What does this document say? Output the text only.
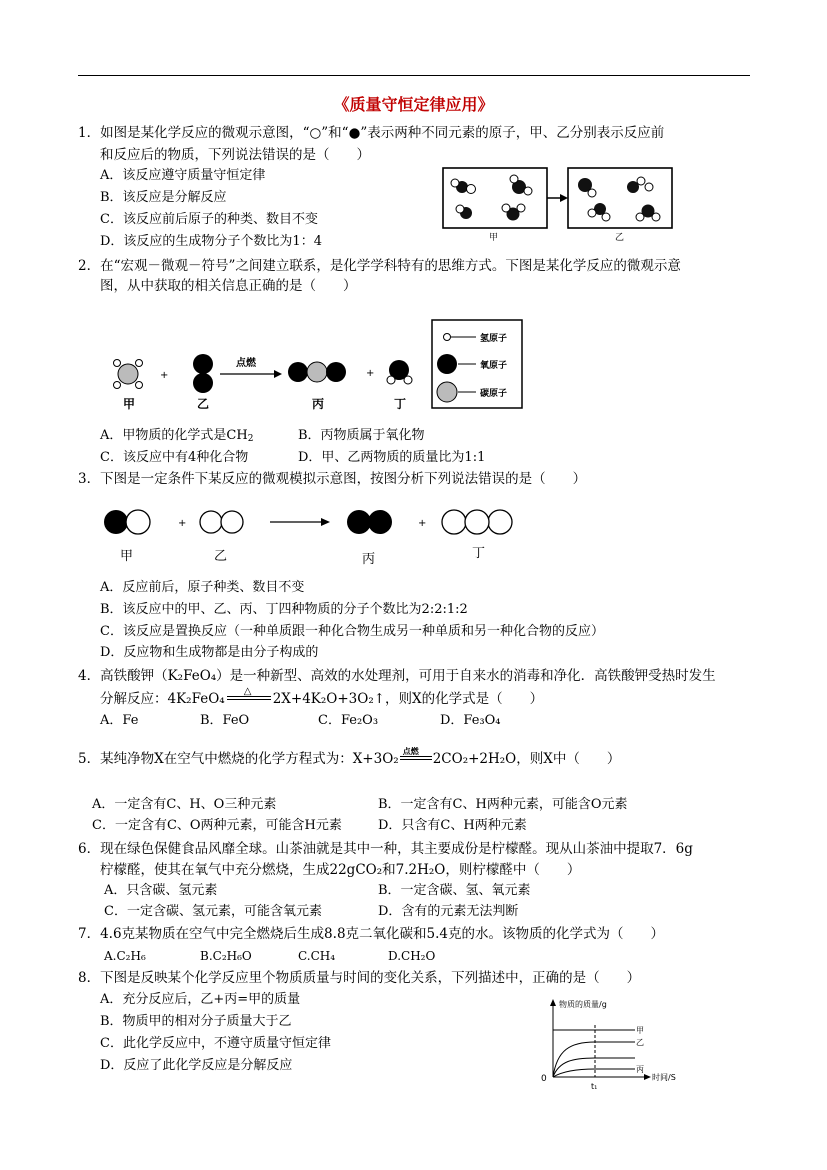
《质量守恒定律应用》
1．如图是某化学反应的微观示意图，“○”和“●”表示两种不同元素的原子，甲、乙分别表示反应前
和反应后的物质，下列说法错误的是（　　）
A．该反应遵守质量守恒定律
B．该反应是分解反应
C．该反应前后原子的种类、数目不变
D．该反应的生成物分子个数比为1：4	甲	乙
2．在“宏观－微观－符号”之间建立联系，是化学学科特有的思维方式。下图是某化学反应的微观示意
图，从中获取的相关信息正确的是（　　）
+
点燃
+
甲	乙	丙	丁
氢原子
氧原子
碳原子
A．甲物质的化学式是$CH_2$	B．丙物质属于氧化物
C．该反应中有4种化合物	D．甲、乙两物质的质量比为1:1
3．下图是一定条件下某反应的微观模拟示意图，按图分析下列说法错误的是（　　）
+	+
甲	乙	丙	丁
A．反应前后，原子种类、数目不变
B．该反应中的甲、乙、丙、丁四种物质的分子个数比为2:2:1:2
C．该反应是置换反应（一种单质跟一种化合物生成另一种单质和另一种化合物的反应）
D．反应物和生成物都是由分子构成的
4．高铁酸钾（K₂FeO₄）是一种新型、高效的水处理剂，可用于自来水的消毒和净化．高铁酸钾受热时发生
分解反应：4K₂FeO₄ △ 2X+4K₂O+3O₂↑，则X的化学式是（　　）
A．Fe	B．FeO	C．Fe₂O₃	D．Fe₃O₄
5．某纯净物X在空气中燃烧的化学方程式为：X+3O₂ 点燃 2CO₂+2H₂O，则X中（　　）
A．一定含有C、H、O三种元素	B．一定含有C、H两种元素，可能含O元素
C．一定含有C、O两种元素，可能含H元素	D．只含有C、H两种元素
6．现在绿色保健食品风靡全球。山茶油就是其中一种，其主要成份是柠檬醛。现从山茶油中提取7．6g
柠檬醛，使其在氧气中充分燃烧，生成22gCO₂和7.2H₂O，则柠檬醛中（　　）
A．只含碳、氢元素	B．一定含碳、氢、氧元素
C．一定含碳、氢元素，可能含氧元素	D．含有的元素无法判断
7．4.6克某物质在空气中完全燃烧后生成8.8克二氧化碳和5.4克的水。该物质的化学式为（　　）
A.C₂H₆	B.C₂H₆O	C.CH₄	D.CH₂O
8．下图是反映某个化学反应里个物质质量与时间的变化关系，下列描述中，正确的是（　　）
A．充分反应后，乙+丙=甲的质量
B．物质甲的相对分子质量大于乙
C．此化学反应中，不遵守质量守恒定律
D．反应了此化学反应是分解反应
物质的质量/g
时间/S
0
t₁
甲
乙
丙
